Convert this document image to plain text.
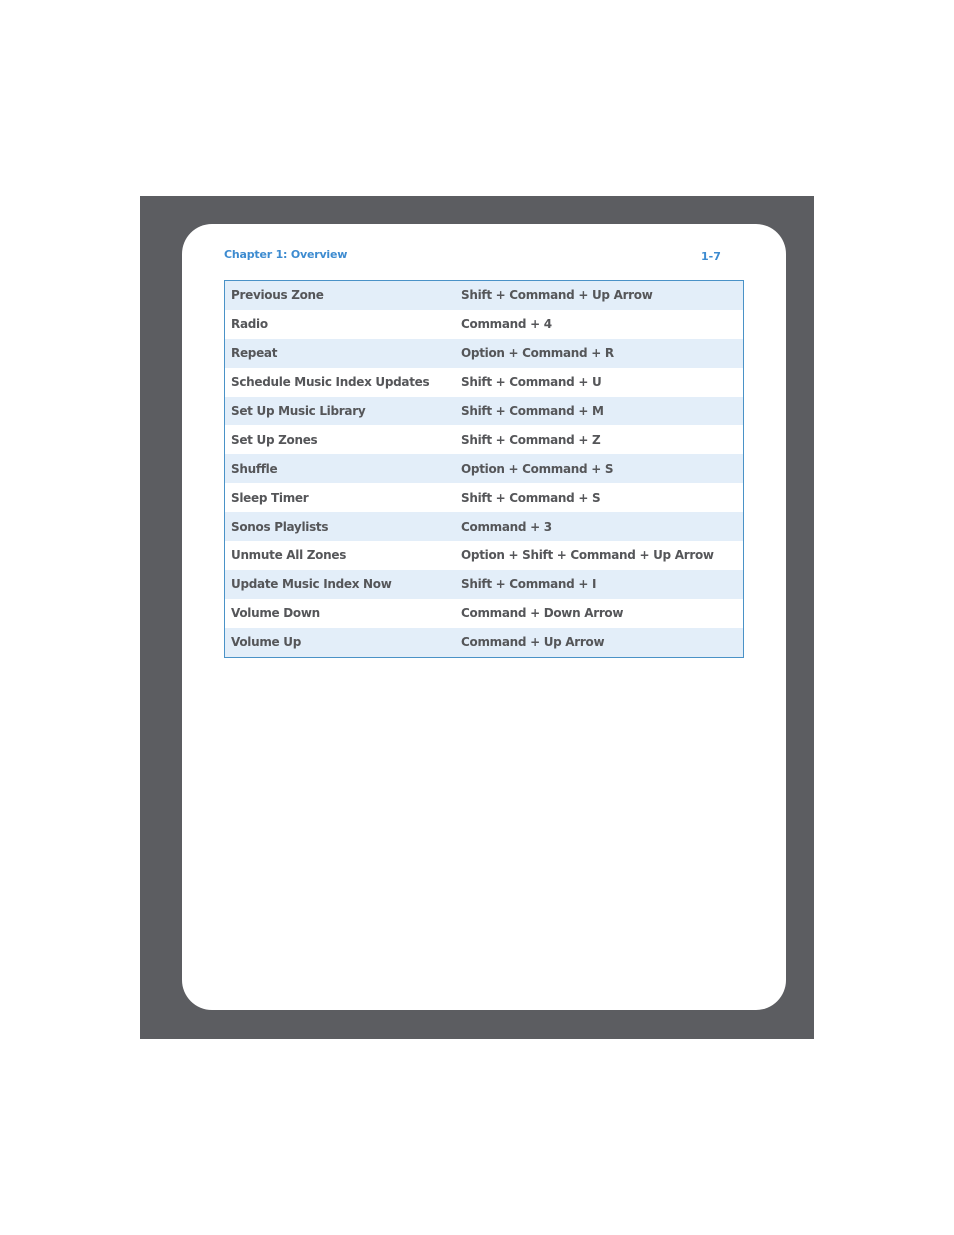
Chapter 1: Overview	1-7
Previous Zone	Shift + Command + Up Arrow
Radio	Command + 4
Repeat	Option + Command + R
Schedule Music Index Updates	Shift + Command + U
Set Up Music Library	Shift + Command + M
Set Up Zones	Shift + Command + Z
Shuffle	Option + Command + S
Sleep Timer	Shift + Command + S
Sonos Playlists	Command + 3
Unmute All Zones	Option + Shift + Command + Up Arrow
Update Music Index Now	Shift + Command + I
Volume Down	Command + Down Arrow
Volume Up	Command + Up Arrow
